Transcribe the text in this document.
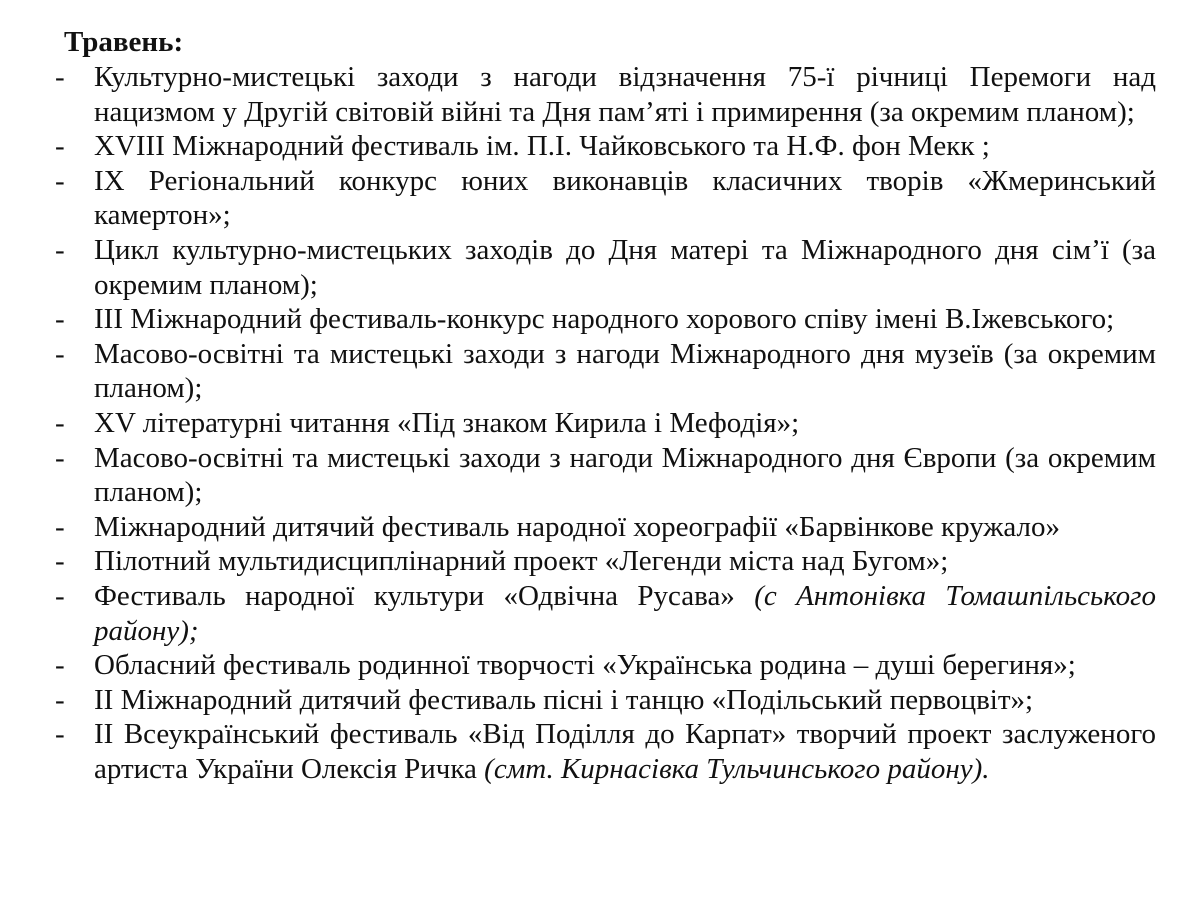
Травень:

- Культурно-мистецькі заходи з нагоди відзначення 75-ї річниці Перемоги над нацизмом у Другій світовій війні та Дня пам’яті і примирення (за окремим планом);
- XVIII Міжнародний фестиваль ім. П.І. Чайковського та Н.Ф. фон Мекк ;
- IX Регіональний конкурс юних виконавців класичних творів «Жмеринський камертон»;
- Цикл культурно-мистецьких заходів до Дня матері та Міжнародного дня сім’ї (за окремим планом);
- III Міжнародний фестиваль-конкурс народного хорового співу імені В.Іжевського;
- Масово-освітні та мистецькі заходи з нагоди Міжнародного дня музеїв (за окремим планом);
- XV літературні читання «Під знаком Кирила і Мефодія»;
- Масово-освітні та мистецькі заходи з нагоди Міжнародного дня Європи (за окремим планом);
- Міжнародний дитячий фестиваль народної хореографії «Барвінкове кружало»
- Пілотний мультидисциплінарний проект «Легенди міста над Бугом»;
- Фестиваль народної культури «Одвічна Русава» (с Антонівка Томашпільського району);
- Обласний фестиваль родинної творчості «Українська родина – душі берегиня»;
- II Міжнародний дитячий фестиваль пісні і танцю «Подільський первоцвіт»;
- II Всеукраїнський фестиваль «Від Поділля до Карпат» творчий проект заслуженого артиста України Олексія Ричка (смт. Кирнасівка Тульчинського району).
